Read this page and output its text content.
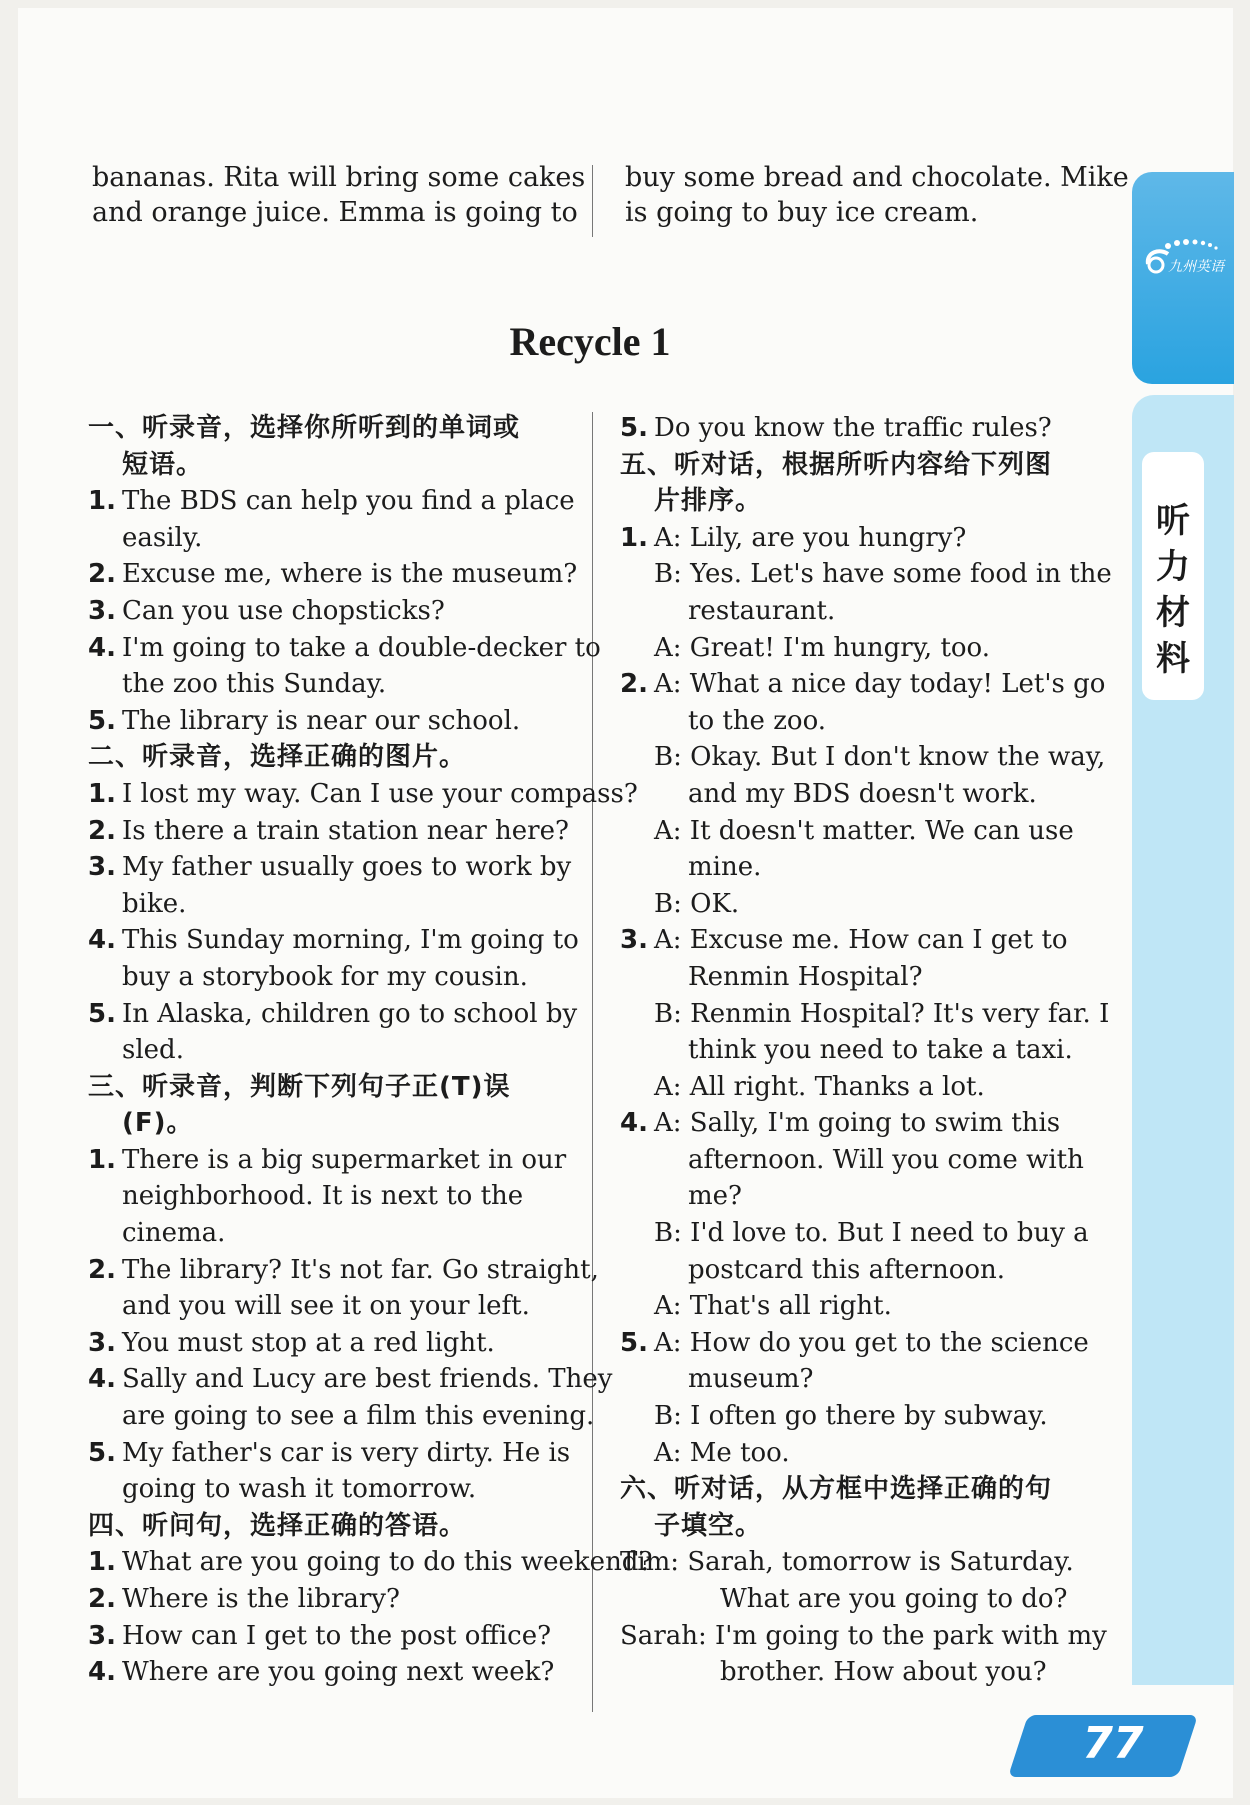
bananas. Rita will bring some cakes
and orange juice. Emma is going to
buy some bread and chocolate. Mike
is going to buy ice cream.
Recycle 1
一、听录音，选择你所听到的单词或
短语。
1. The BDS can help you find a place
easily.
2. Excuse me, where is the museum?
3. Can you use chopsticks?
4. I'm going to take a double-decker to
the zoo this Sunday.
5. The library is near our school.
二、听录音，选择正确的图片。
1. I lost my way. Can I use your compass?
2. Is there a train station near here?
3. My father usually goes to work by
bike.
4. This Sunday morning, I'm going to
buy a storybook for my cousin.
5. In Alaska, children go to school by
sled.
三、听录音，判断下列句子正(T)误
(F)。
1. There is a big supermarket in our
neighborhood. It is next to the
cinema.
2. The library? It's not far. Go straight,
and you will see it on your left.
3. You must stop at a red light.
4. Sally and Lucy are best friends. They
are going to see a film this evening.
5. My father's car is very dirty. He is
going to wash it tomorrow.
四、听问句，选择正确的答语。
1. What are you going to do this weekend?
2. Where is the library?
3. How can I get to the post office?
4. Where are you going next week?
5. Do you know the traffic rules?
五、听对话，根据所听内容给下列图
片排序。
1. A: Lily, are you hungry?
B: Yes. Let's have some food in the
restaurant.
A: Great! I'm hungry, too.
2. A: What a nice day today! Let's go
to the zoo.
B: Okay. But I don't know the way,
and my BDS doesn't work.
A: It doesn't matter. We can use
mine.
B: OK.
3. A: Excuse me. How can I get to
Renmin Hospital?
B: Renmin Hospital? It's very far. I
think you need to take a taxi.
A: All right. Thanks a lot.
4. A: Sally, I'm going to swim this
afternoon. Will you come with
me?
B: I'd love to. But I need to buy a
postcard this afternoon.
A: That's all right.
5. A: How do you get to the science
museum?
B: I often go there by subway.
A: Me too.
六、听对话，从方框中选择正确的句
子填空。
Tim: Sarah, tomorrow is Saturday.
What are you going to do?
Sarah: I'm going to the park with my
brother. How about you?
九州英语
听
力
材
料
77
